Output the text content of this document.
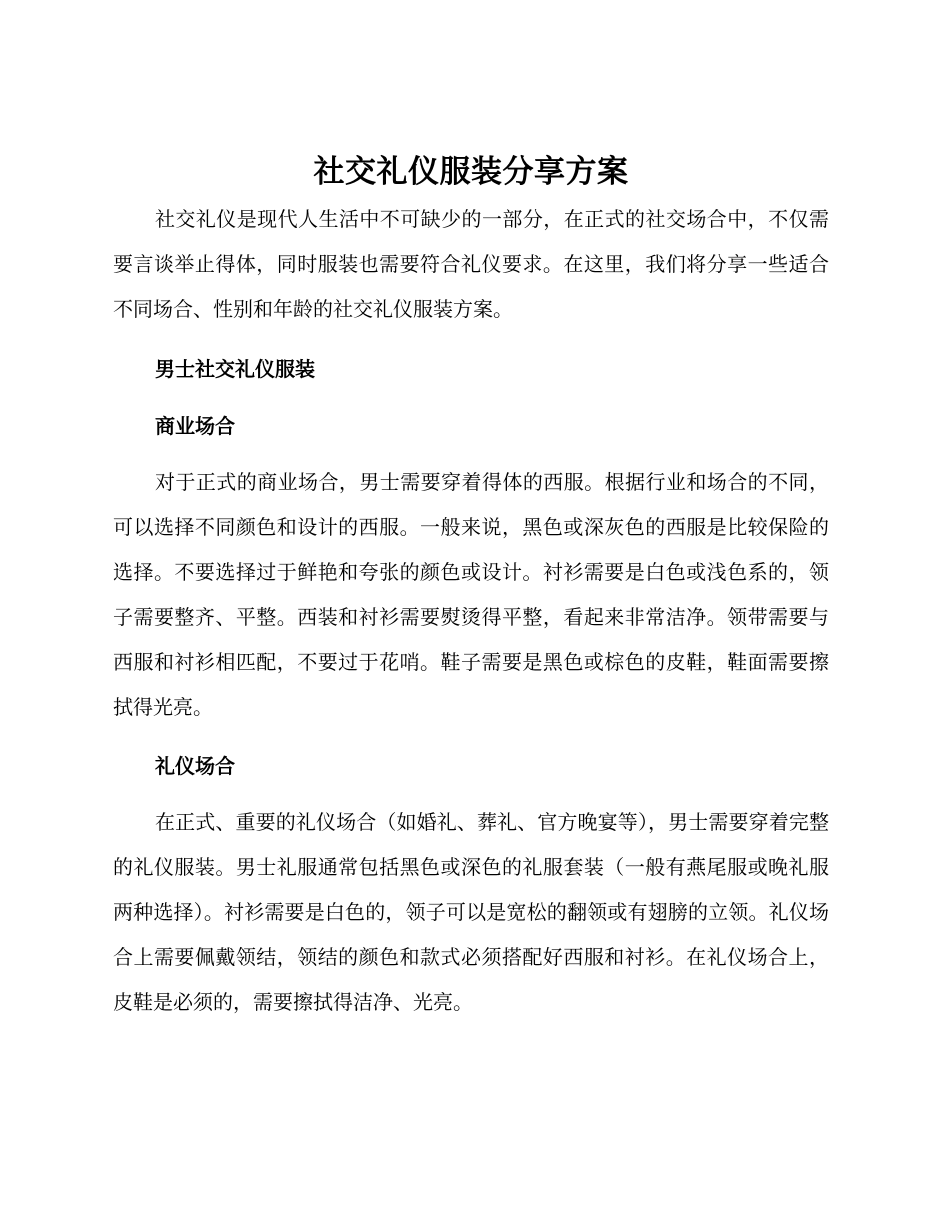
社交礼仪服装分享方案

社交礼仪是现代人生活中不可缺少的一部分，在正式的社交场合中，不仅需要言谈举止得体，同时服装也需要符合礼仪要求。在这里，我们将分享一些适合不同场合、性别和年龄的社交礼仪服装方案。

男士社交礼仪服装
商业场合

对于正式的商业场合，男士需要穿着得体的西服。根据行业和场合的不同，可以选择不同颜色和设计的西服。一般来说，黑色或深灰色的西服是比较保险的选择。不要选择过于鲜艳和夸张的颜色或设计。衬衫需要是白色或浅色系的，领子需要整齐、平整。西装和衬衫需要熨烫得平整，看起来非常洁净。领带需要与西服和衬衫相匹配，不要过于花哨。鞋子需要是黑色或棕色的皮鞋，鞋面需要擦拭得光亮。

礼仪场合

在正式、重要的礼仪场合（如婚礼、葬礼、官方晚宴等），男士需要穿着完整的礼仪服装。男士礼服通常包括黑色或深色的礼服套装（一般有燕尾服或晚礼服两种选择）。衬衫需要是白色的，领子可以是宽松的翻领或有翅膀的立领。礼仪场合上需要佩戴领结，领结的颜色和款式必须搭配好西服和衬衫。在礼仪场合上，皮鞋是必须的，需要擦拭得洁净、光亮。
